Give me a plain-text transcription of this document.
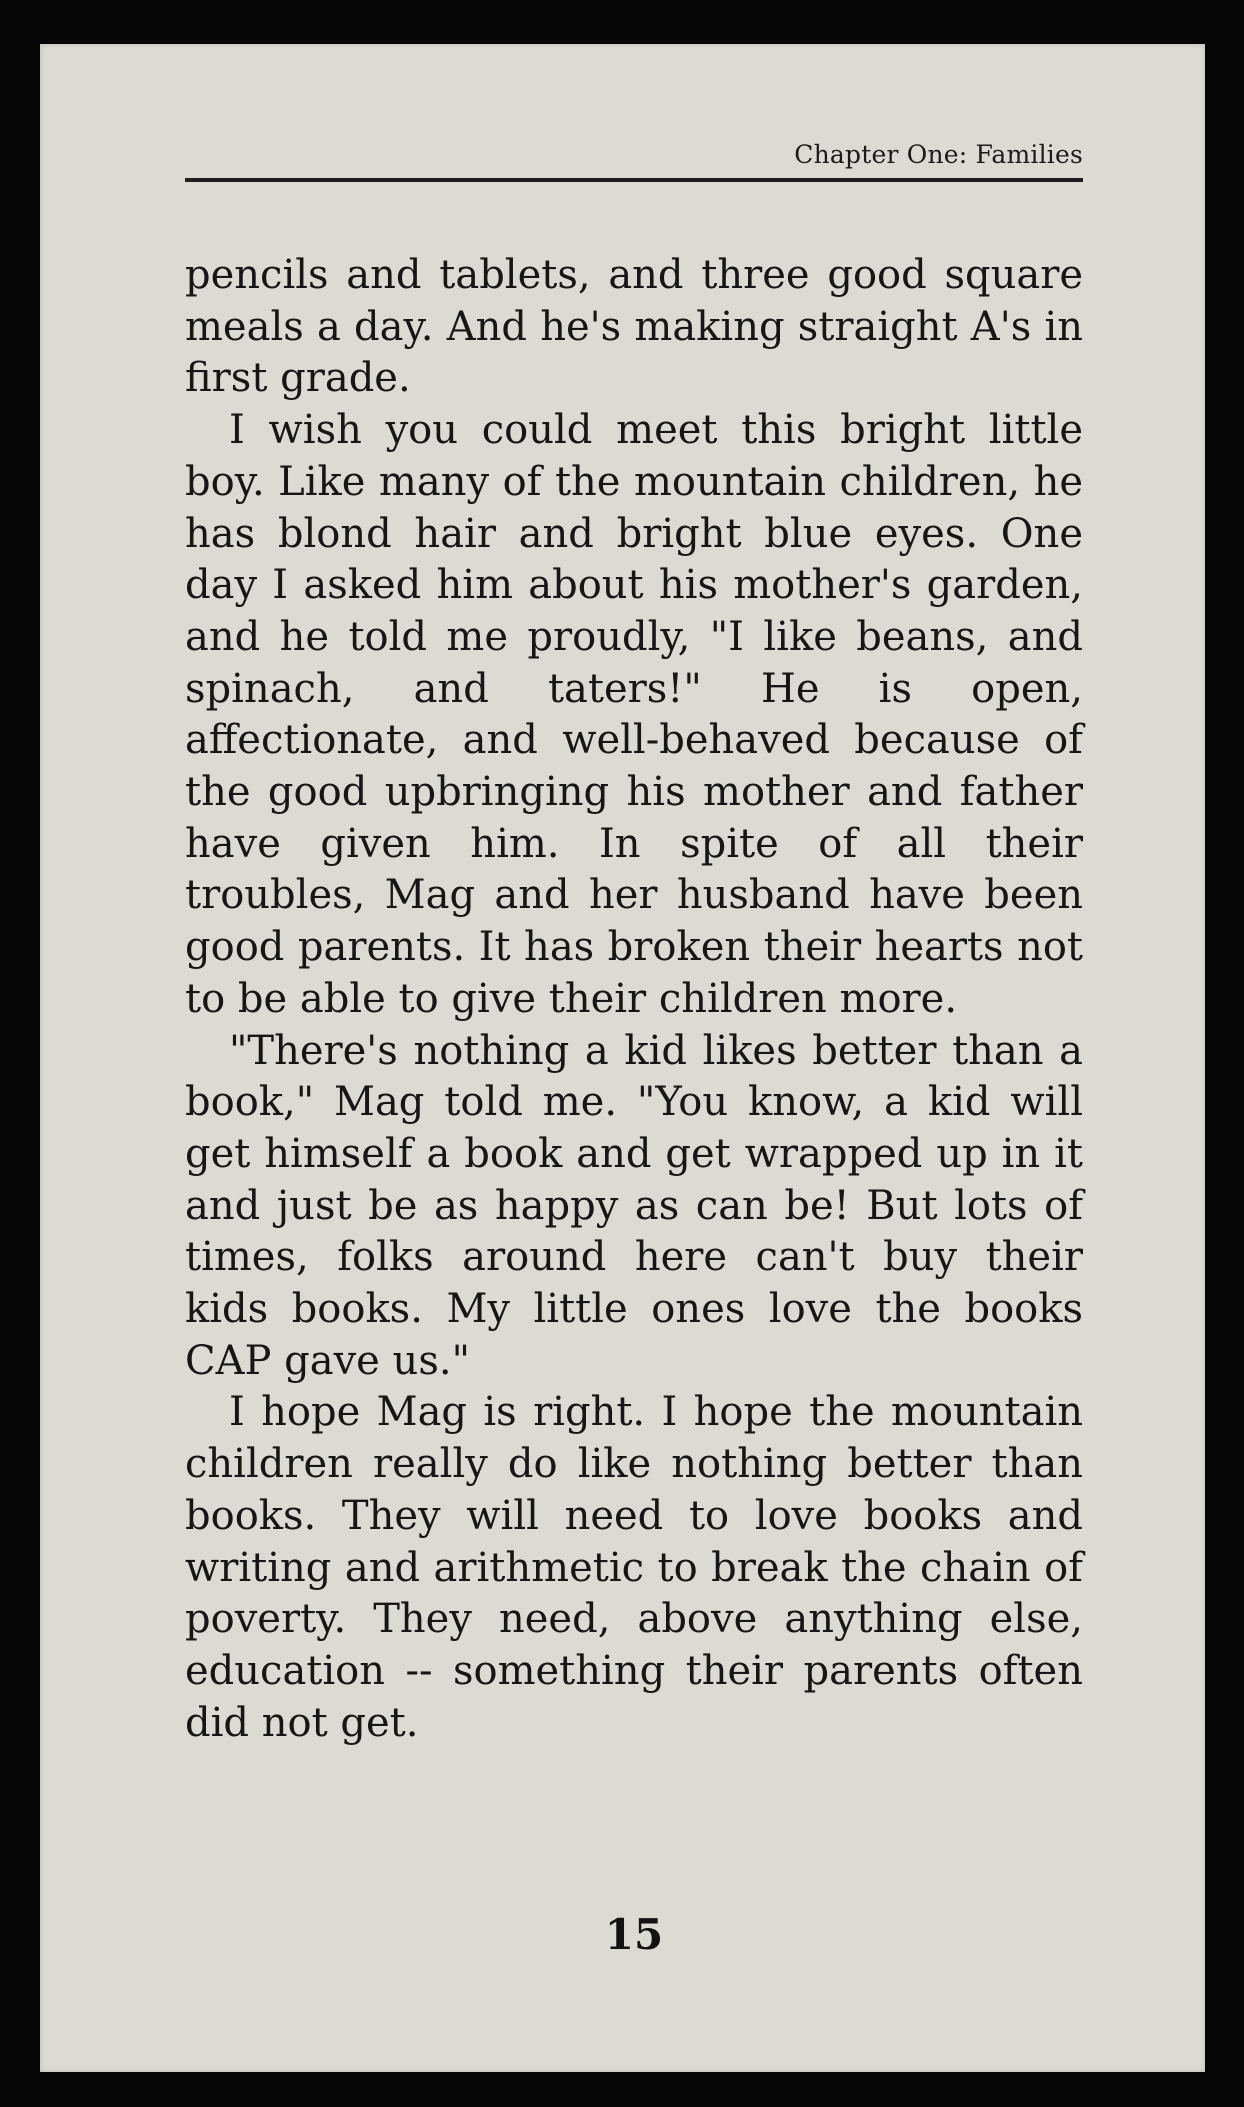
Chapter One: Families

pencils and tablets, and three good square meals a day. And he's making straight A's in first grade.

I wish you could meet this bright little boy. Like many of the mountain children, he has blond hair and bright blue eyes. One day I asked him about his mother's garden, and he told me proudly, "I like beans, and spinach, and taters!" He is open, affectionate, and well-behaved because of the good upbringing his mother and father have given him. In spite of all their troubles, Mag and her husband have been good parents. It has broken their hearts not to be able to give their children more.

"There's nothing a kid likes better than a book," Mag told me. "You know, a kid will get himself a book and get wrapped up in it and just be as happy as can be! But lots of times, folks around here can't buy their kids books. My little ones love the books CAP gave us."

I hope Mag is right. I hope the mountain children really do like nothing better than books. They will need to love books and writing and arithmetic to break the chain of poverty. They need, above anything else, education -- something their parents often did not get.

15
